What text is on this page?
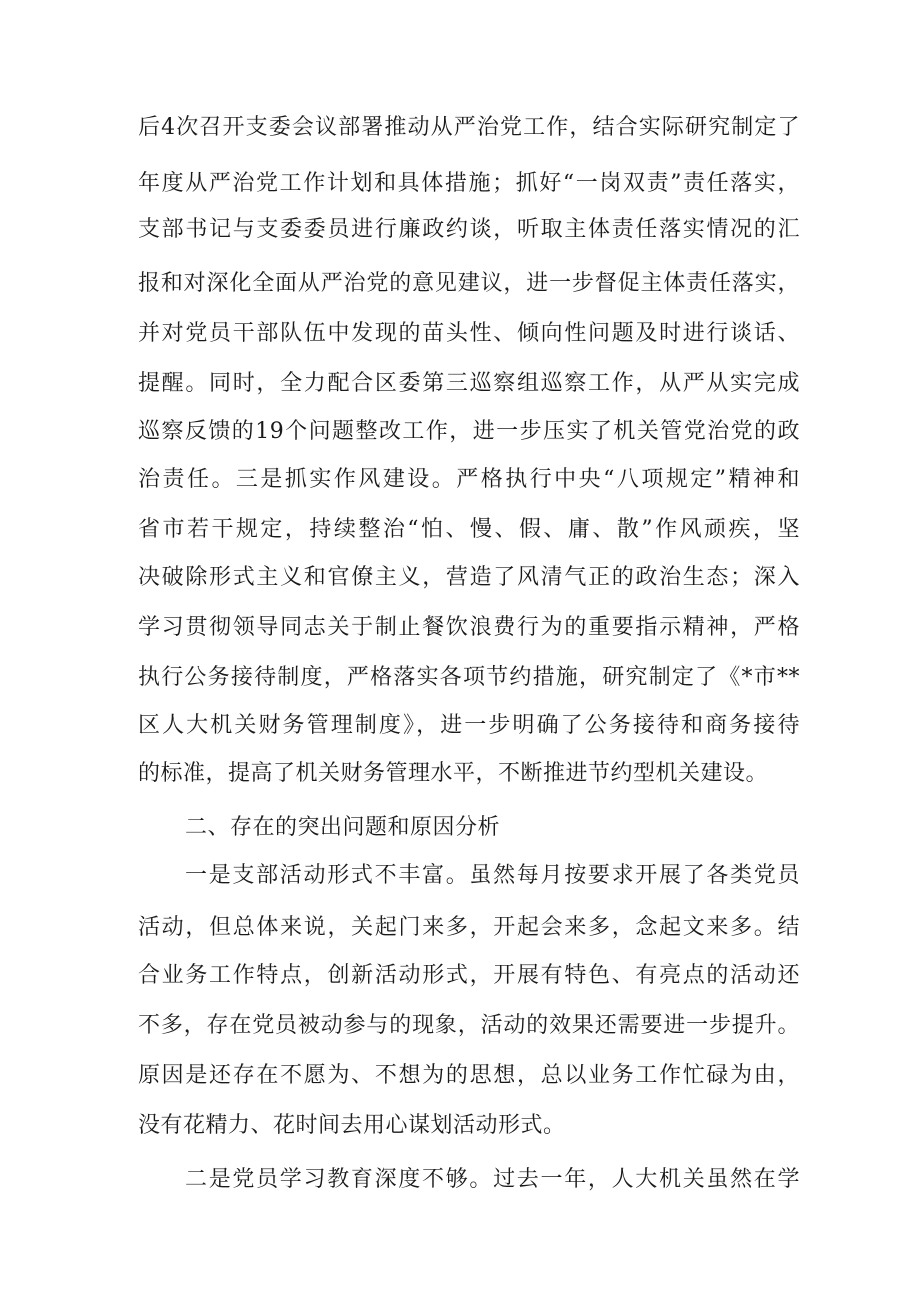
后4次召开支委会议部署推动从严治党工作，结合实际研究制定了
年度从严治党工作计划和具体措施；抓好“一岗双责”责任落实，
支部书记与支委委员进行廉政约谈，听取主体责任落实情况的汇
报和对深化全面从严治党的意见建议，进一步督促主体责任落实，
并对党员干部队伍中发现的苗头性、倾向性问题及时进行谈话、
提醒。同时，全力配合区委第三巡察组巡察工作，从严从实完成
巡察反馈的19个问题整改工作，进一步压实了机关管党治党的政
治责任。三是抓实作风建设。严格执行中央“八项规定”精神和
省市若干规定，持续整治“怕、慢、假、庸、散”作风顽疾，坚
决破除形式主义和官僚主义，营造了风清气正的政治生态；深入
学习贯彻领导同志关于制止餐饮浪费行为的重要指示精神，严格
执行公务接待制度，严格落实各项节约措施，研究制定了《*市**
区人大机关财务管理制度》，进一步明确了公务接待和商务接待
的标准，提高了机关财务管理水平，不断推进节约型机关建设。
二、存在的突出问题和原因分析
一是支部活动形式不丰富。虽然每月按要求开展了各类党员
活动，但总体来说，关起门来多，开起会来多，念起文来多。结
合业务工作特点，创新活动形式，开展有特色、有亮点的活动还
不多，存在党员被动参与的现象，活动的效果还需要进一步提升。
原因是还存在不愿为、不想为的思想，总以业务工作忙碌为由，
没有花精力、花时间去用心谋划活动形式。
二是党员学习教育深度不够。过去一年，人大机关虽然在学
